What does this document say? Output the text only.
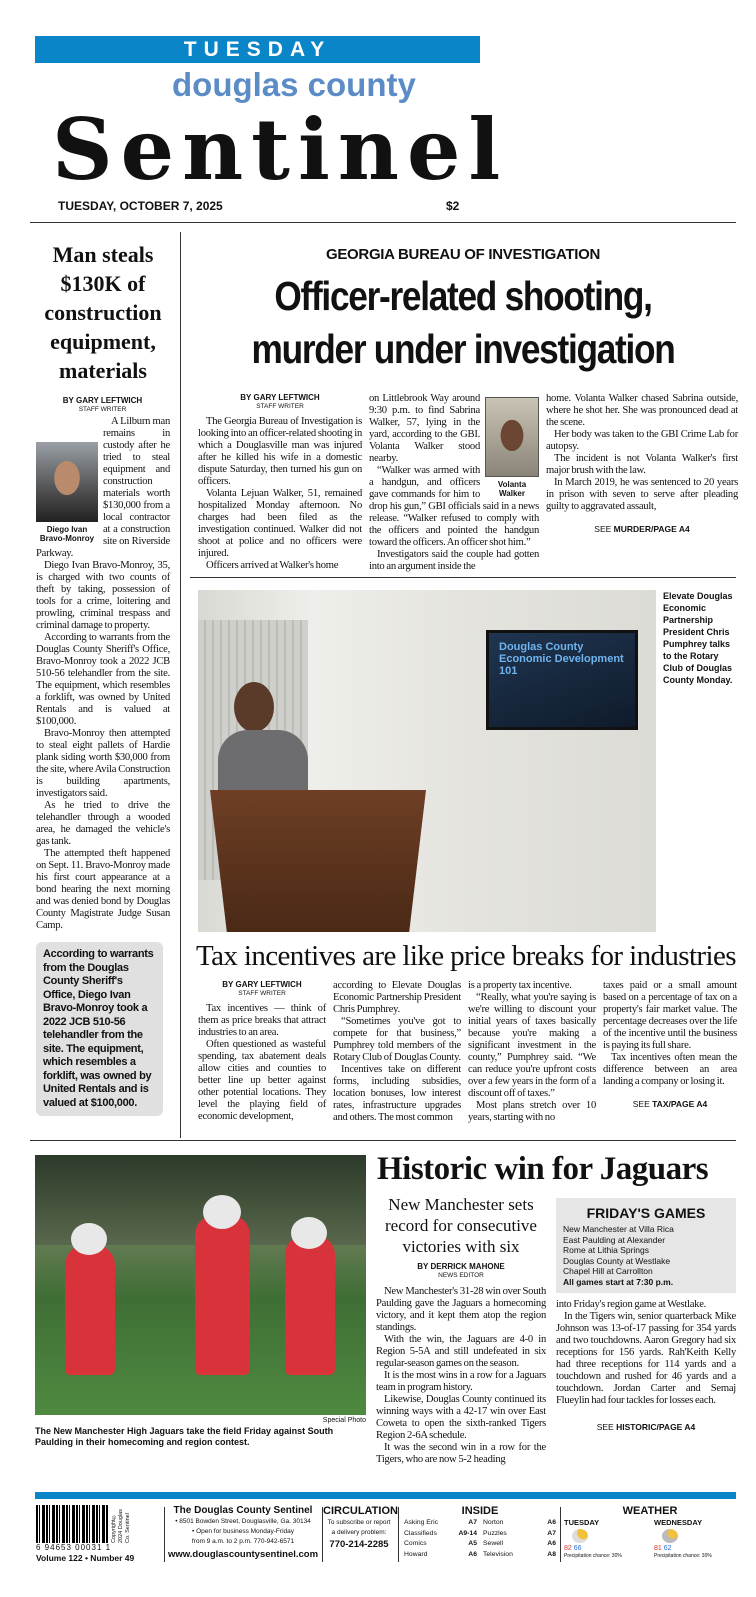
TUESDAY
douglas county
Sentinel
TUESDAY, OCTOBER 7, 2025	$2
Man steals $130K of construction equipment, materials
BY GARY LEFTWICH
STAFF WRITER
Diego Ivan Bravo-Monroy

A Lilburn man remains in custody after he tried to steal equipment and construction materials worth $130,000 from a local contractor at a construction site on Riverside Parkway.

Diego Ivan Bravo-Monroy, 35, is charged with two counts of theft by taking, possession of tools for a crime, loitering and prowling, criminal trespass and criminal damage to property.

According to warrants from the Douglas County Sheriff's Office, Bravo-Monroy took a 2022 JCB 510-56 telehandler from the site. The equipment, which resembles a forklift, was owned by United Rentals and is valued at $100,000.

Bravo-Monroy then attempted to steal eight pallets of Hardie plank siding worth $30,000 from the site, where Avila Construction is building apartments, investigators said.

As he tried to drive the telehandler through a wooded area, he damaged the vehicle's gas tank.

The attempted theft happened on Sept. 11. Bravo-Monroy made his first court appearance at a bond hearing the next morning and was denied bond by Douglas County Magistrate Judge Susan Camp.

According to warrants from the Douglas County Sheriff's Office, Diego Ivan Bravo-Monroy took a 2022 JCB 510-56 telehandler from the site. The equipment, which resembles a forklift, was owned by United Rentals and is valued at $100,000.
GEORGIA BUREAU OF INVESTIGATION
Officer-related shooting,
murder under investigation
BY GARY LEFTWICH
STAFF WRITER

The Georgia Bureau of Investigation is looking into an officer-related shooting in which a Douglasville man was injured after he killed his wife in a domestic dispute Saturday, then turned his gun on officers.

Volanta Lejuan Walker, 51, remained hospitalized Monday afternoon. No charges had been filed as the investigation continued. Walker did not shoot at police and no officers were injured.

Officers arrived at Walker's home

Volanta Walker

on Littlebrook Way around 9:30 p.m. to find Sabrina Walker, 57, lying in the yard, according to the GBI. Volanta Walker stood nearby.

“Walker was armed with a handgun, and officers gave commands for him to drop his gun,” GBI officials said in a news release. “Walker refused to comply with the officers and pointed the handgun toward the officers. An officer shot him.”

Investigators said the couple had gotten into an argument inside the

home. Volanta Walker chased Sabrina outside, where he shot her. She was pronounced dead at the scene.

Her body was taken to the GBI Crime Lab for autopsy.

The incident is not Volanta Walker's first major brush with the law.

In March 2019, he was sentenced to 20 years in prison with seven to serve after pleading guilty to aggravated assault,

SEE MURDER/PAGE A4
Douglas County Economic Development 101
Elevate Douglas Economic Partnership President Chris Pumphrey talks to the Rotary Club of Douglas County Monday.
Tax incentives are like price breaks for industries
BY GARY LEFTWICH
STAFF WRITER

Tax incentives — think of them as price breaks that attract industries to an area.

Often questioned as wasteful spending, tax abatement deals allow cities and counties to better line up better against other potential locations. They level the playing field of economic development,

according to Elevate Douglas Economic Partnership President Chris Pumphrey.

“Sometimes you've got to compete for that business,” Pumphrey told members of the Rotary Club of Douglas County.

Incentives take on different forms, including subsidies, location bonuses, low interest rates, infrastructure upgrades and others. The most common

is a property tax incentive.

“Really, what you're saying is we're willing to discount your initial years of taxes basically because you're making a significant investment in the county,” Pumphrey said. “We can reduce you're upfront costs over a few years in the form of a discount off of taxes.”

Most plans stretch over 10 years, starting with no

taxes paid or a small amount based on a percentage of tax on a property's fair market value. The percentage decreases over the life of the incentive until the business is paying its full share.

Tax incentives often mean the difference between an area landing a company or losing it.

SEE TAX/PAGE A4
Special Photo
The New Manchester High Jaguars take the field Friday against South Paulding in their homecoming and region contest.
Historic win for Jaguars
New Manchester sets record for consecutive victories with six
BY DERRICK MAHONE
NEWS EDITOR

New Manchester's 31-28 win over South Paulding gave the Jaguars a homecoming victory, and it kept them atop the region standings.

With the win, the Jaguars are 4-0 in Region 5-5A and still undefeated in six regular-season games on the season.

It is the most wins in a row for a Jaguars team in program history.

Likewise, Douglas County continued its winning ways with a 42-17 win over East Coweta to open the sixth-ranked Tigers Region 2-6A schedule.

It was the second win in a row for the Tigers, who are now 5-2 heading

FRIDAY'S GAMES
New Manchester at Villa Rica
East Paulding at Alexander
Rome at Lithia Springs
Douglas County at Westlake
Chapel Hill at Carrollton
All games start at 7:30 p.m.

into Friday's region game at Westlake.

In the Tigers win, senior quarterback Mike Johnson was 13-of-17 passing for 354 yards and two touchdowns. Aaron Gregory had six receptions for 156 yards. Rah'Keith Kelly had three receptions for 114 yards and a touchdown and rushed for 46 yards and a touchdown. Jordan Carter and Semaj Flueylin had four tackles for losses each.

SEE HISTORIC/PAGE A4
Copyright© 2024 Douglas Co. Sentinel
6 94653 00031 1
Volume 122 • Number 49
The Douglas County Sentinel
• 8501 Bowden Street, Douglasville, Ga. 30134
• Open for business Monday-Friday
from 9 a.m. to 2 p.m. 770-942-6571
www.douglascountysentinel.com
CIRCULATION
To subscribe or report
a delivery problem:
770-214-2285
INSIDE
Asking Eric	A7 Norton	A6
Classifieds	A9-14 Puzzles	A7
Comics	A5 Sewell	A6
Howard	A6 Television	A8
WEATHER
TUESDAY
82 66
Precipitation chance: 30%
WEDNESDAY
81 62
Precipitation chance: 30%
